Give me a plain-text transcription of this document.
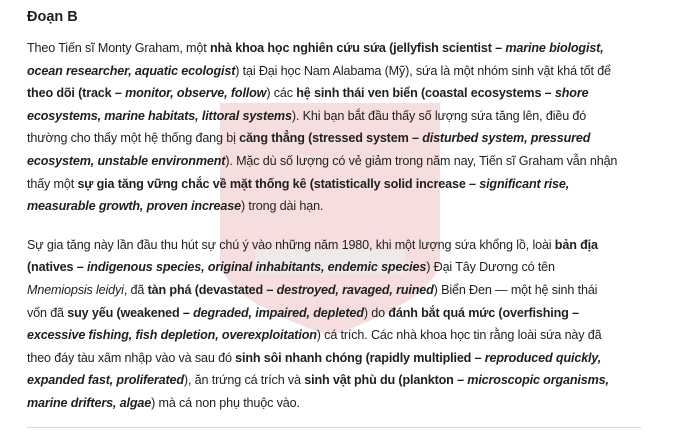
Đoạn B

Theo Tiến sĩ Monty Graham, một nhà khoa học nghiên cứu sứa (jellyfish scientist – marine biologist,
ocean researcher, aquatic ecologist) tại Đại học Nam Alabama (Mỹ), sứa là một nhóm sinh vật khá tốt để
theo dõi (track – monitor, observe, follow) các hệ sinh thái ven biển (coastal ecosystems – shore
ecosystems, marine habitats, littoral systems). Khi bạn bắt đầu thấy số lượng sứa tăng lên, điều đó
thường cho thấy một hệ thống đang bị căng thẳng (stressed system – disturbed system, pressured
ecosystem, unstable environment). Mặc dù số lượng có vẻ giảm trong năm nay, Tiến sĩ Graham vẫn nhận
thấy một sự gia tăng vững chắc về mặt thống kê (statistically solid increase – significant rise,
measurable growth, proven increase) trong dài hạn.

Sự gia tăng này lần đầu thu hút sự chú ý vào những năm 1980, khi một lượng sứa khổng lồ, loài bản địa
(natives – indigenous species, original inhabitants, endemic species) Đại Tây Dương có tên
Mnemiopsis leidyi, đã tàn phá (devastated – destroyed, ravaged, ruined) Biển Đen — một hệ sinh thái
vốn đã suy yếu (weakened – degraded, impaired, depleted) do đánh bắt quá mức (overfishing –
excessive fishing, fish depletion, overexploitation) cá trích. Các nhà khoa học tin rằng loài sứa này đã
theo đáy tàu xâm nhập vào và sau đó sinh sôi nhanh chóng (rapidly multiplied – reproduced quickly,
expanded fast, proliferated), ăn trứng cá trích và sinh vật phù du (plankton – microscopic organisms,
marine drifters, algae) mà cá non phụ thuộc vào.
